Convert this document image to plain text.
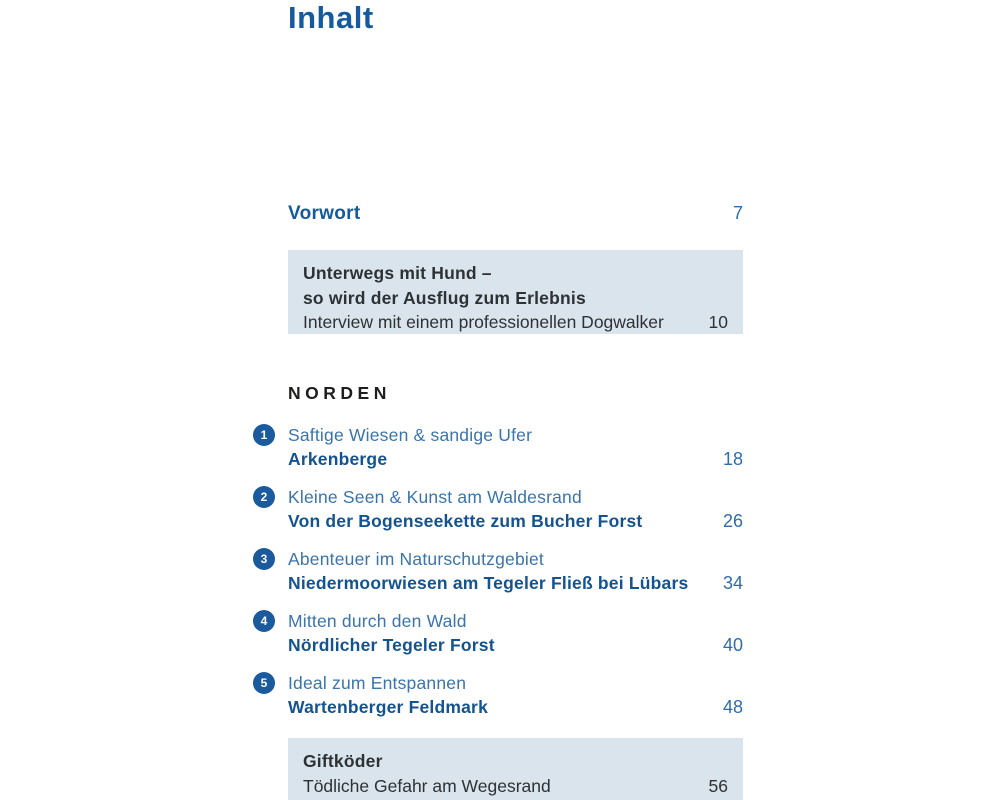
Inhalt
Vorwort	7
Unterwegs mit Hund –
so wird der Ausflug zum Erlebnis
Interview mit einem professionellen Dogwalker	10
NORDEN
1	Saftige Wiesen & sandige Ufer
Arkenberge	18
2	Kleine Seen & Kunst am Waldesrand
Von der Bogenseekette zum Bucher Forst	26
3	Abenteuer im Naturschutzgebiet
Niedermoorwiesen am Tegeler Fließ bei Lübars 34
4	Mitten durch den Wald
Nördlicher Tegeler Forst	40
5	Ideal zum Entspannen
Wartenberger Feldmark	48
Giftköder
Tödliche Gefahr am Wegesrand	56
